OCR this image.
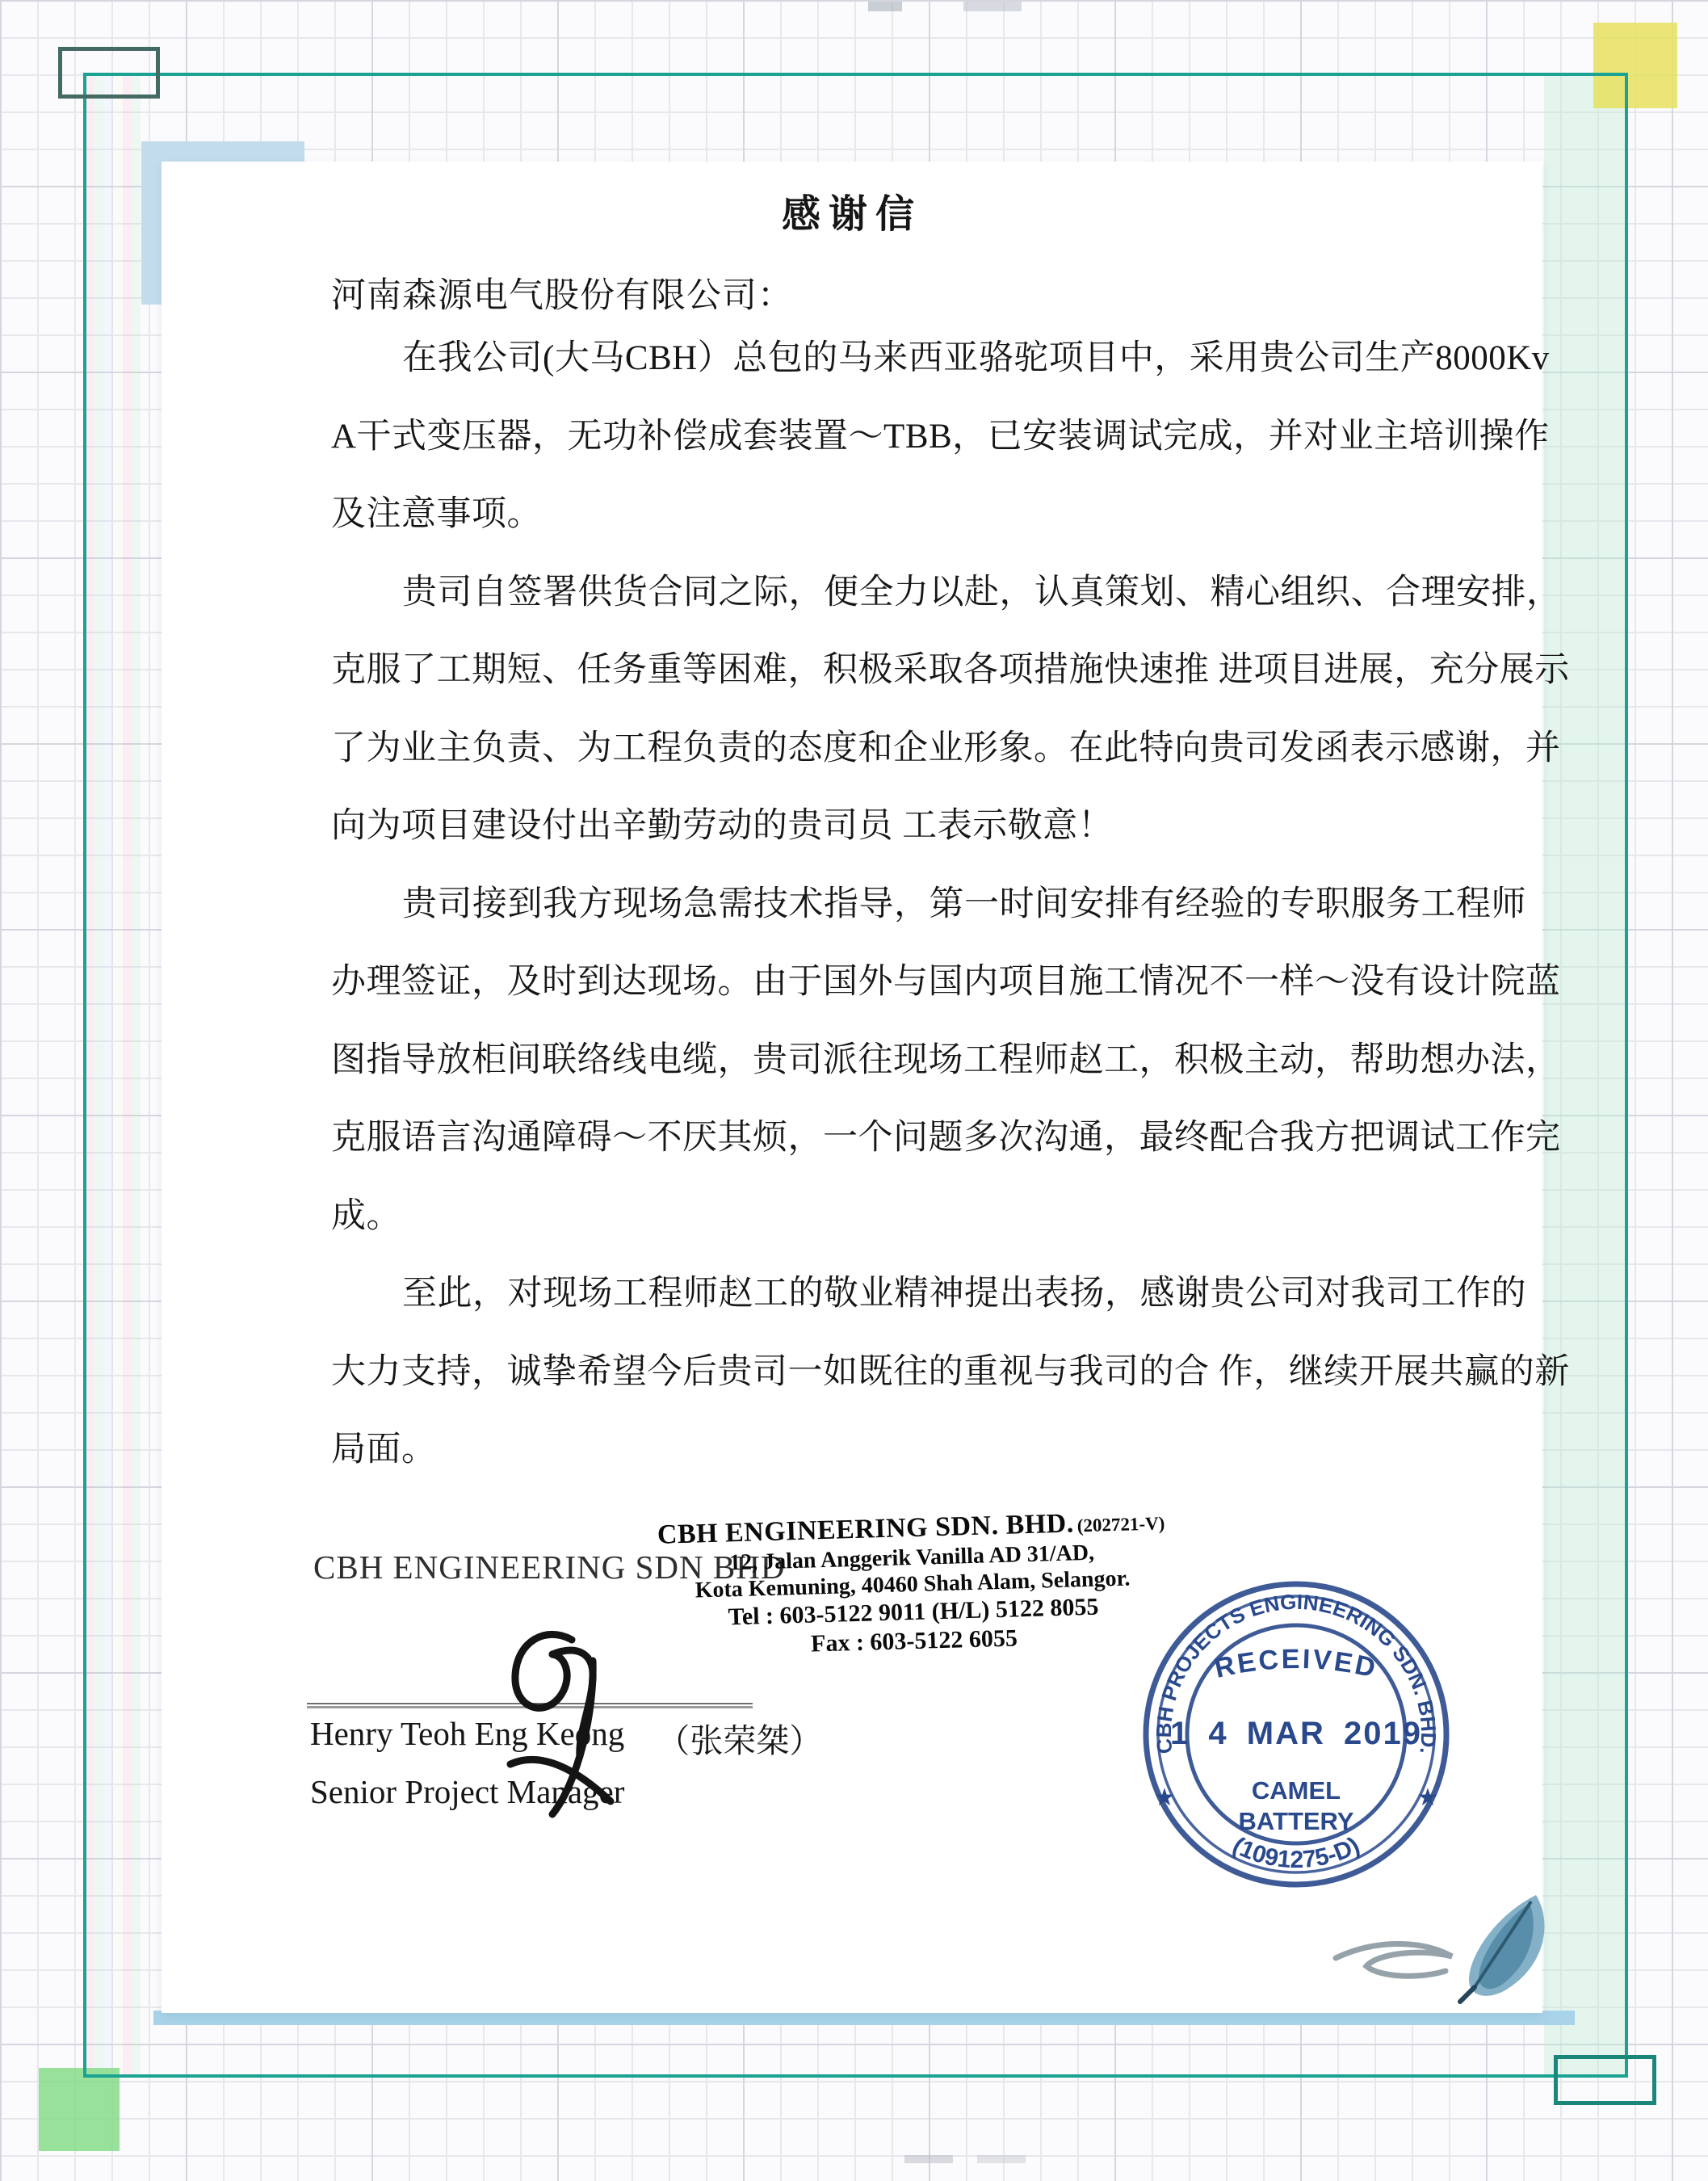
感谢信
河南森源电气股份有限公司：
在我公司(大马CBH）总包的马来西亚骆驼项目中，采用贵公司生产8000Kv
A干式变压器，无功补偿成套装置～TBB，已安装调试完成，并对业主培训操作
及注意事项。
贵司自签署供货合同之际，便全力以赴，认真策划、精心组织、合理安排，
克服了工期短、任务重等困难，积极采取各项措施快速推 进项目进展，充分展示
了为业主负责、为工程负责的态度和企业形象。在此特向贵司发函表示感谢，并
向为项目建设付出辛勤劳动的贵司员 工表示敬意！
贵司接到我方现场急需技术指导，第一时间安排有经验的专职服务工程师
办理签证，及时到达现场。由于国外与国内项目施工情况不一样～没有设计院蓝
图指导放柜间联络线电缆，贵司派往现场工程师赵工，积极主动，帮助想办法，
克服语言沟通障碍～不厌其烦，一个问题多次沟通，最终配合我方把调试工作完
成。
至此，对现场工程师赵工的敬业精神提出表扬，感谢贵公司对我司工作的
大力支持，诚挚希望今后贵司一如既往的重视与我司的合 作，继续开展共赢的新
局面。
CBH ENGINEERING SDN BHD
CBH ENGINEERING SDN. BHD. (202721-V)
12, Jalan Anggerik Vanilla AD 31/AD,
Kota Kemuning, 40460 Shah Alam, Selangor.
Tel : 603-5122 9011 (H/L) 5122 8055
Fax : 603-5122 6055
Henry Teoh Eng Keong （张荣桀）
Senior Project Manager
CBH PROJECTS ENGINEERING SDN. BHD.
(1091275-D)
RECEIVED
1 4 MAR 2019
CAMEL
BATTERY
★	★
